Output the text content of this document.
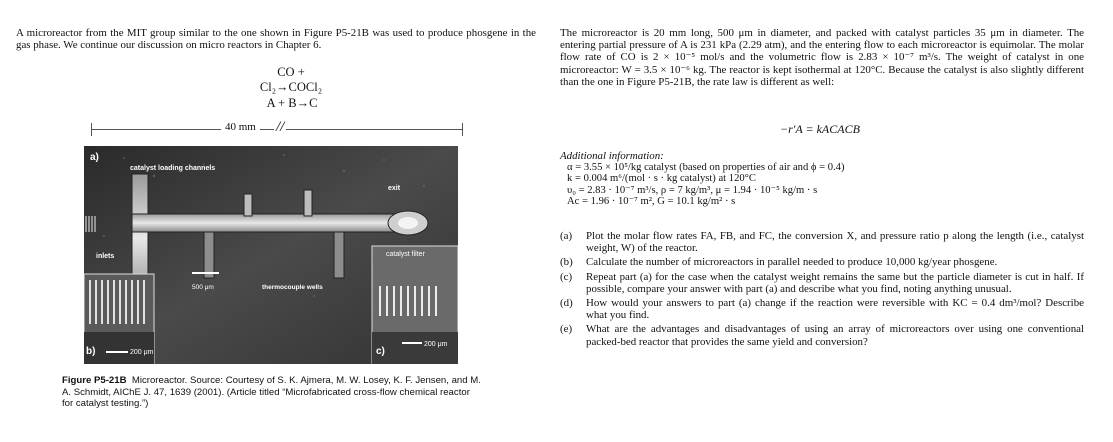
A microreactor from the MIT group similar to the one shown in Figure P5-21B was used to produce phosgene in the gas phase. We continue our discussion on micro reactors in Chapter 6.

CO + Cl₂→COCl₂
A + B→C
40 mm //
a)
catalyst loading channels
exit
inlets	catalyst filter
500 μm	thermocouple wells
b)	200 μm	c)
200 μm
Figure P5-21B Microreactor. Source: Courtesy of S. K. Ajmera, M. W. Losey, K. F. Jensen, and M. A. Schmidt, AIChE J. 47, 1639 (2001). (Article titled “Microfabricated cross-flow chemical reactor for catalyst testing.”)

The microreactor is 20 mm long, 500 μm in diameter, and packed with catalyst particles 35 μm in diameter. The entering partial pressure of A is 231 kPa (2.29 atm), and the entering flow to each microreactor is equimolar. The molar flow rate of CO is 2 × 10⁻⁵ mol/s and the volumetric flow is 2.83 × 10⁻⁷ m³/s. The weight of catalyst in one microreactor: W = 3.5 × 10⁻⁶ kg. The reactor is kept isothermal at 120°C. Because the catalyst is also slightly different than the one in Figure P5-21B, the rate law is different as well:

−r′A = kACACB
Additional information:
α = 3.55 × 10⁵/kg catalyst (based on properties of air and ϕ = 0.4)
k = 0.004 m⁶/(mol · s · kg catalyst) at 120°C
υ₀ = 2.83 · 10⁻⁷ m³/s, ρ = 7 kg/m³, μ = 1.94 · 10⁻⁵ kg/m · s
Ac = 1.96 · 10⁻⁷ m², G = 10.1 kg/m² · s
(a)	Plot the molar flow rates FA, FB, and FC, the conversion X, and pressure ratio p along the length (i.e., catalyst weight, W) of the reactor.
(b)	Calculate the number of microreactors in parallel needed to produce 10,000 kg/year phosgene.
(c)	Repeat part (a) for the case when the catalyst weight remains the same but the particle diameter is cut in half. If possible, compare your answer with part (a) and describe what you find, noting anything unusual.
(d)	How would your answers to part (a) change if the reaction were reversible with KC = 0.4 dm³/mol? Describe what you find.
(e)	What are the advantages and disadvantages of using an array of microreactors over using one conventional packed-bed reactor that provides the same yield and conversion?
